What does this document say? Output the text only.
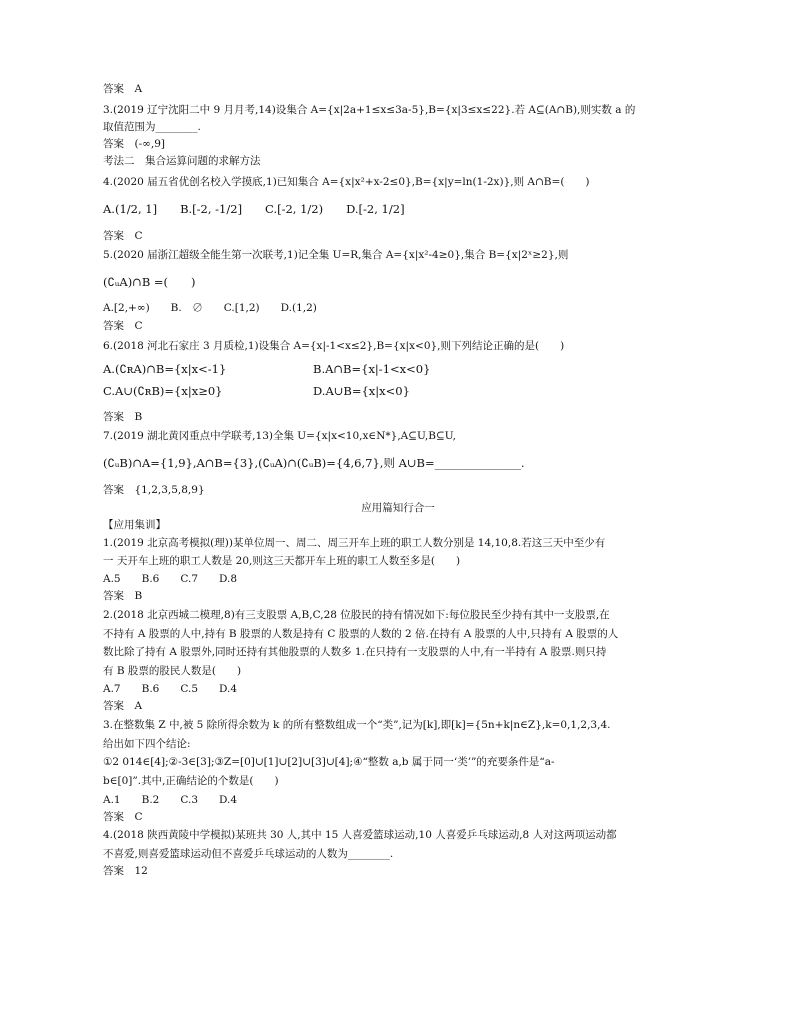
答案　A
3.(2019 辽宁沈阳二中 9 月月考,14)设集合 A={x|2a+1≤x≤3a-5},B={x|3≤x≤22}.若 A⊆(A∩B),则实数 a 的
取值范围为________.
答案　(-∞,9]
考法二　集合运算问题的求解方法
4.(2020 届五省优创名校入学摸底,1)已知集合 A={x|x²+x-2≤0},B={x|y=ln(1-2x)},则 A∩B=(　　)
A.(1/2, 1]　　B.[-2, -1/2]　　C.[-2, 1/2)　　D.[-2, 1/2]
答案　C
5.(2020 届浙江超级全能生第一次联考,1)记全集 U=R,集合 A={x|x²-4≥0},集合 B={x|2ˣ≥2},则
(∁ᵤA)∩B =(　　)
A.[2,+∞)　　B.　∅　　C.[1,2)　　D.(1,2)
答案　C
6.(2018 河北石家庄 3 月质检,1)设集合 A={x|-1<x≤2},B={x|x<0},则下列结论正确的是(　　)
A.(∁ʀA)∩B={x|x<-1}	B.A∩B={x|-1<x<0}
C.A∪(∁ʀB)={x|x≥0}	D.A∪B={x|x<0}
答案　B
7.(2019 湖北黄冈重点中学联考,13)全集 U={x|x<10,x∈N*},A⊆U,B⊆U,
(∁ᵤB)∩A={1,9},A∩B={3},(∁ᵤA)∩(∁ᵤB)={4,6,7},则 A∪B=_______________.
答案　{1,2,3,5,8,9}
应用篇知行合一
【应用集训】
1.(2019 北京高考模拟(理))某单位周一、周二、周三开车上班的职工人数分别是 14,10,8.若这三天中至少有
一 天开车上班的职工人数是 20,则这三天都开车上班的职工人数至多是(　　)
A.5　　B.6　　C.7　　D.8
答案　B
2.(2018 北京西城二模理,8)有三支股票 A,B,C,28 位股民的持有情况如下:每位股民至少持有其中一支股票,在
不持有 A 股票的人中,持有 B 股票的人数是持有 C 股票的人数的 2 倍.在持有 A 股票的人中,只持有 A 股票的人
数比除了持有 A 股票外,同时还持有其他股票的人数多 1.在只持有一支股票的人中,有一半持有 A 股票.则只持
有 B 股票的股民人数是(　　)
A.7　　B.6　　C.5　　D.4
答案　A
3.在整数集 Z 中,被 5 除所得余数为 k 的所有整数组成一个“类”,记为[k],即[k]={5n+k|n∈Z},k=0,1,2,3,4.
给出如下四个结论:
①2 014∈[4];②-3∈[3];③Z=[0]∪[1]∪[2]∪[3]∪[4];④“整数 a,b 属于同一‘类’”的充要条件是“a-
b∈[0]”.其中,正确结论的个数是(　　)
A.1　　B.2　　C.3　　D.4
答案　C
4.(2018 陕西黄陵中学模拟)某班共 30 人,其中 15 人喜爱篮球运动,10 人喜爱乒乓球运动,8 人对这两项运动都
不喜爱,则喜爱篮球运动但不喜爱乒乓球运动的人数为________.
答案　12
